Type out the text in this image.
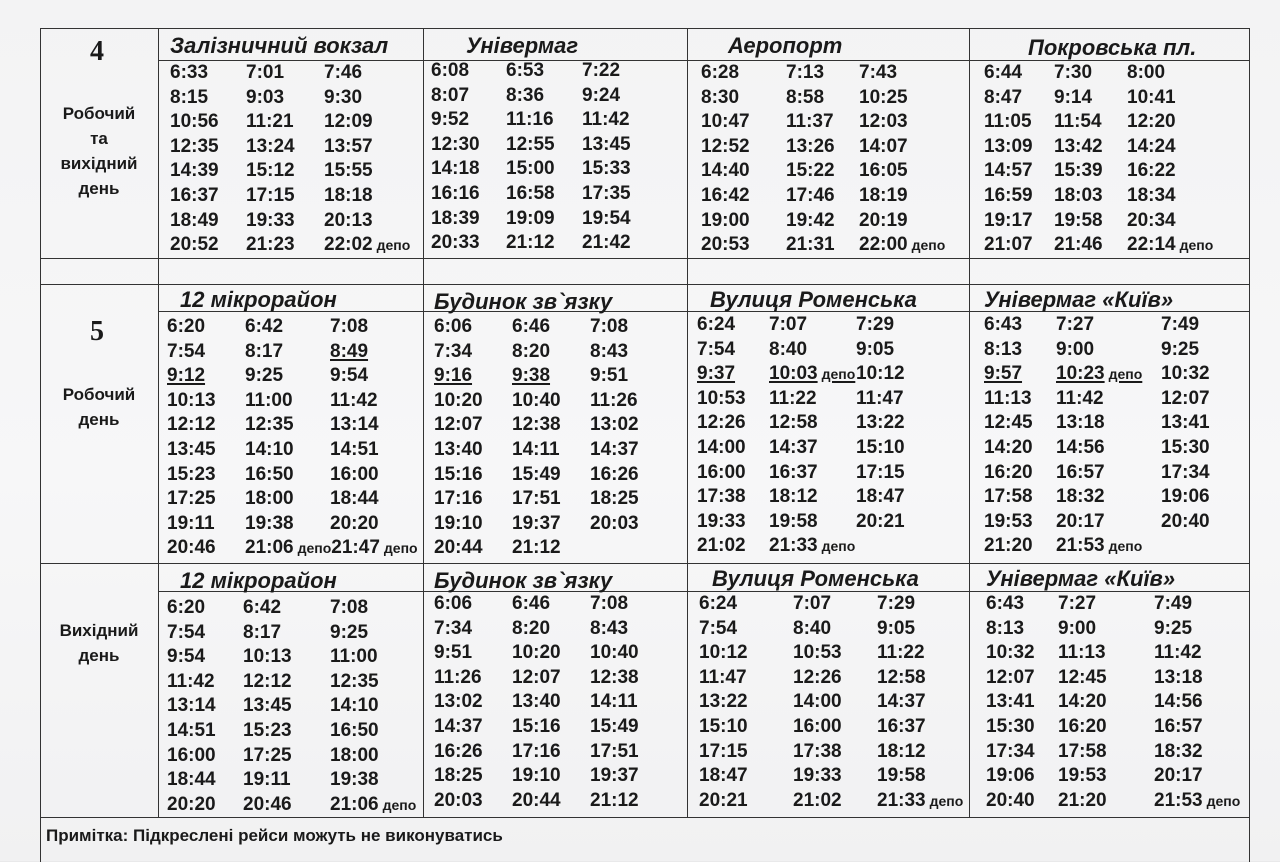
4
Робочий
та
вихідний
день
Залізничний вокзал	Універмаг	Аеропорт	Покровська пл.
6:33	7:01	7:46
8:15	9:03	9:30
10:56	11:21	12:09
12:35	13:24	13:57
14:39	15:12	15:55
16:37	17:15	18:18
18:49	19:33	20:13
20:52	21:23	22:02 депо
6:08	6:53	7:22
8:07	8:36	9:24
9:52	11:16	11:42
12:30	12:55	13:45
14:18	15:00	15:33
16:16	16:58	17:35
18:39	19:09	19:54
20:33	21:12	21:42
6:28	7:13	7:43
8:30	8:58	10:25
10:47	11:37	12:03
12:52	13:26	14:07
14:40	15:22	16:05
16:42	17:46	18:19
19:00	19:42	20:19
20:53	21:31	22:00 депо
6:44	7:30	8:00
8:47	9:14	10:41
11:05	11:54	12:20
13:09	13:42	14:24
14:57	15:39	16:22
16:59	18:03	18:34
19:17	19:58	20:34
21:07	21:46	22:14 депо
5
Робочий
день
12 мікрорайон	Будинок зв`язку	Вулиця Роменська	Універмаг «Київ»
6:20	6:42	7:08
7:54	8:17	8:49
9:12	9:25	9:54
10:13	11:00	11:42
12:12	12:35	13:14
13:45	14:10	14:51
15:23	16:50	16:00
17:25	18:00	18:44
19:11	19:38	20:20
20:46	21:06 депо 21:47 депо
6:06	6:46	7:08
7:34	8:20	8:43
9:16	9:38	9:51
10:20	10:40	11:26
12:07	12:38	13:02
13:40	14:11	14:37
15:16	15:49	16:26
17:16	17:51	18:25
19:10	19:37	20:03
20:44	21:12
6:24	7:07	7:29
7:54	8:40	9:05
9:37	10:03 депо 10:12
10:53	11:22	11:47
12:26	12:58	13:22
14:00	14:37	15:10
16:00	16:37	17:15
17:38	18:12	18:47
19:33	19:58	20:21
21:02	21:33 депо
6:43	7:27	7:49
8:13	9:00	9:25
9:57	10:23 депо 10:32
11:13	11:42	12:07
12:45	13:18	13:41
14:20	14:56	15:30
16:20	16:57	17:34
17:58	18:32	19:06
19:53	20:17	20:40
21:20	21:53 депо
Вихідний
день
12 мікрорайон	Будинок зв`язку	Вулиця Роменська	Універмаг «Київ»
6:20	6:42	7:08
7:54	8:17	9:25
9:54	10:13	11:00
11:42	12:12	12:35
13:14	13:45	14:10
14:51	15:23	16:50
16:00	17:25	18:00
18:44	19:11	19:38
20:20	20:46	21:06 депо
6:06	6:46	7:08
7:34	8:20	8:43
9:51	10:20	10:40
11:26	12:07	12:38
13:02	13:40	14:11
14:37	15:16	15:49
16:26	17:16	17:51
18:25	19:10	19:37
20:03	20:44	21:12
6:24	7:07	7:29
7:54	8:40	9:05
10:12	10:53	11:22
11:47	12:26	12:58
13:22	14:00	14:37
15:10	16:00	16:37
17:15	17:38	18:12
18:47	19:33	19:58
20:21	21:02	21:33 депо
6:43	7:27	7:49
8:13	9:00	9:25
10:32	11:13	11:42
12:07	12:45	13:18
13:41	14:20	14:56
15:30	16:20	16:57
17:34	17:58	18:32
19:06	19:53	20:17
20:40	21:20	21:53 депо
Примітка: Підкреслені рейси можуть не виконуватись
